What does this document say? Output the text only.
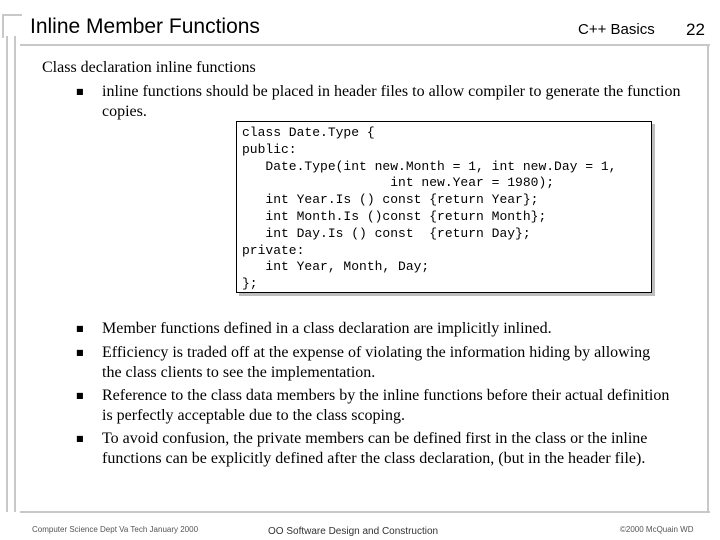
Inline Member Functions	C++ Basics 22
Class declaration inline functions
■ inline functions should be placed in header files to allow compiler to generate the function copies.
class Date.Type {
public:
Date.Type(int new.Month = 1, int new.Day = 1,
int new.Year = 1980);
int Year.Is () const {return Year};
int Month.Is ()const {return Month};
int Day.Is () const  {return Day};
private:
int Year, Month, Day;
};
■ Member functions defined in a class declaration are implicitly inlined.
■ Efficiency is traded off at the expense of violating the information hiding by allowing the class clients to see the implementation.
■ Reference to the class data members by the inline functions before their actual definition is perfectly acceptable due to the class scoping.
■ To avoid confusion, the private members can be defined first in the class or the inline functions can be explicitly defined after the class declaration, (but in the header file).
Computer Science Dept Va Tech January 2000	OO Software Design and Construction	©2000 McQuain WD
